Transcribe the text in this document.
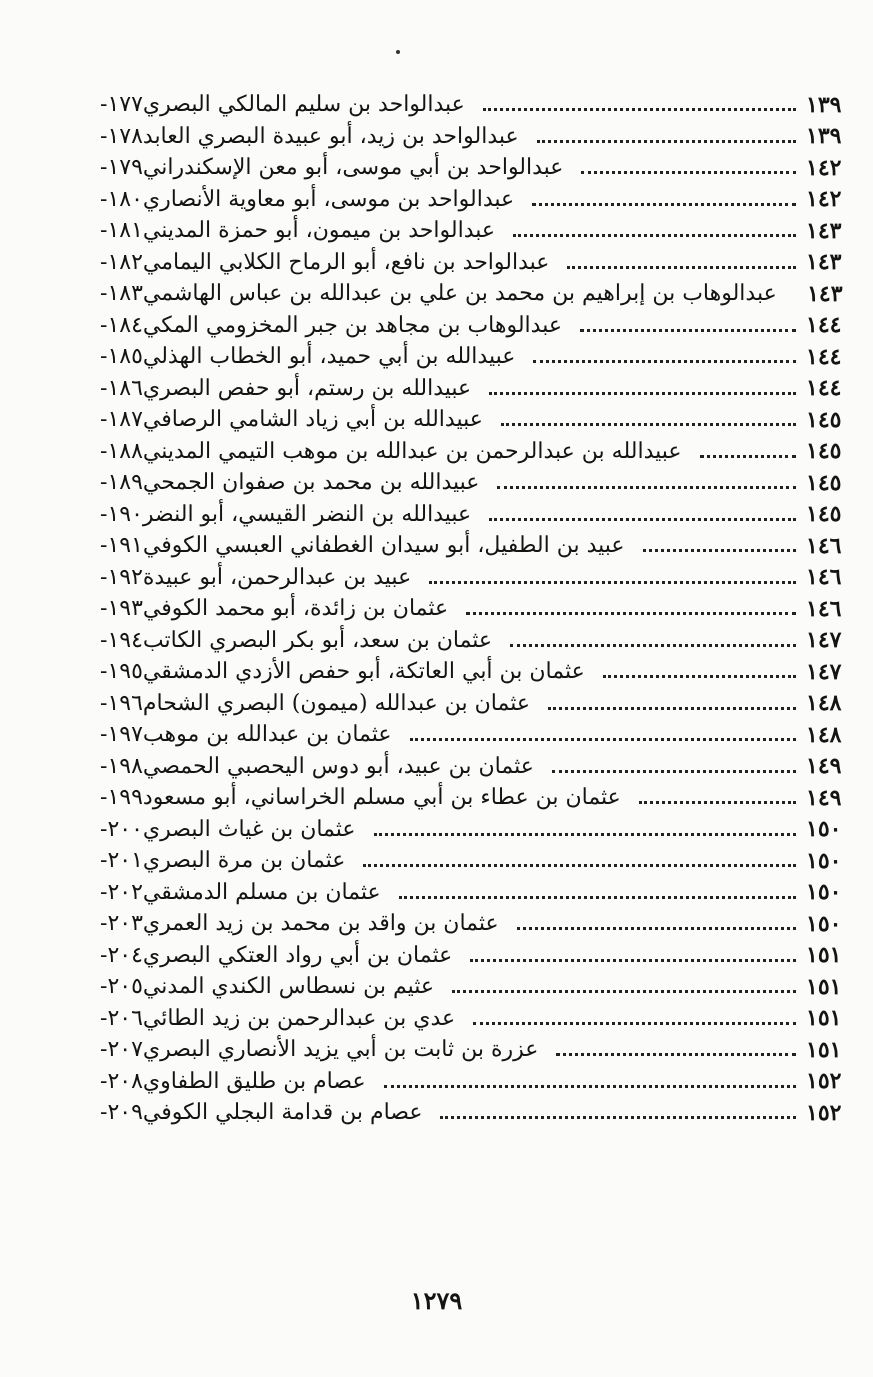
١٧٧- عبدالواحد بن سليم المالكي البصري	١٣٩
١٧٨- عبدالواحد بن زيد، أبو عبيدة البصري العابد	١٣٩
١٧٩- عبدالواحد بن أبي موسى، أبو معن الإسكندراني	١٤٢
١٨٠- عبدالواحد بن موسى، أبو معاوية الأنصاري	١٤٢
١٨١- عبدالواحد بن ميمون، أبو حمزة المديني	١٤٣
١٨٢- عبدالواحد بن نافع، أبو الرماح الكلابي اليمامي	١٤٣
١٨٣- عبدالوهاب بن إبراهيم بن محمد بن علي بن عبدالله بن عباس الهاشمي ١٤٣
١٨٤- عبدالوهاب بن مجاهد بن جبر المخزومي المكي	١٤٤
١٨٥- عبيدالله بن أبي حميد، أبو الخطاب الهذلي	١٤٤
١٨٦- عبيدالله بن رستم، أبو حفص البصري	١٤٤
١٨٧- عبيدالله بن أبي زياد الشامي الرصافي	١٤٥
١٨٨- عبيدالله بن عبدالرحمن بن عبدالله بن موهب التيمي المديني	١٤٥
١٨٩- عبيدالله بن محمد بن صفوان الجمحي	١٤٥
١٩٠- عبيدالله بن النضر القيسي، أبو النضر	١٤٥
١٩١- عبيد بن الطفيل، أبو سيدان الغطفاني العبسي الكوفي	١٤٦
١٩٢- عبيد بن عبدالرحمن، أبو عبيدة	١٤٦
١٩٣- عثمان بن زائدة، أبو محمد الكوفي	١٤٦
١٩٤- عثمان بن سعد، أبو بكر البصري الكاتب	١٤٧
١٩٥- عثمان بن أبي العاتكة، أبو حفص الأزدي الدمشقي	١٤٧
١٩٦- عثمان بن عبدالله (ميمون) البصري الشحام	١٤٨
١٩٧- عثمان بن عبدالله بن موهب	١٤٨
١٩٨- عثمان بن عبيد، أبو دوس اليحصبي الحمصي	١٤٩
١٩٩- عثمان بن عطاء بن أبي مسلم الخراساني، أبو مسعود	١٤٩
٢٠٠- عثمان بن غياث البصري	١٥٠
٢٠١- عثمان بن مرة البصري	١٥٠
٢٠٢- عثمان بن مسلم الدمشقي	١٥٠
٢٠٣- عثمان بن واقد بن محمد بن زيد العمري	١٥٠
٢٠٤- عثمان بن أبي رواد العتكي البصري	١٥١
٢٠٥- عثيم بن نسطاس الكندي المدني	١٥١
٢٠٦- عدي بن عبدالرحمن بن زيد الطائي	١٥١
٢٠٧- عزرة بن ثابت بن أبي يزيد الأنصاري البصري	١٥١
٢٠٨- عصام بن طليق الطفاوي	١٥٢
٢٠٩- عصام بن قدامة البجلي الكوفي	١٥٢
١٢٧٩
